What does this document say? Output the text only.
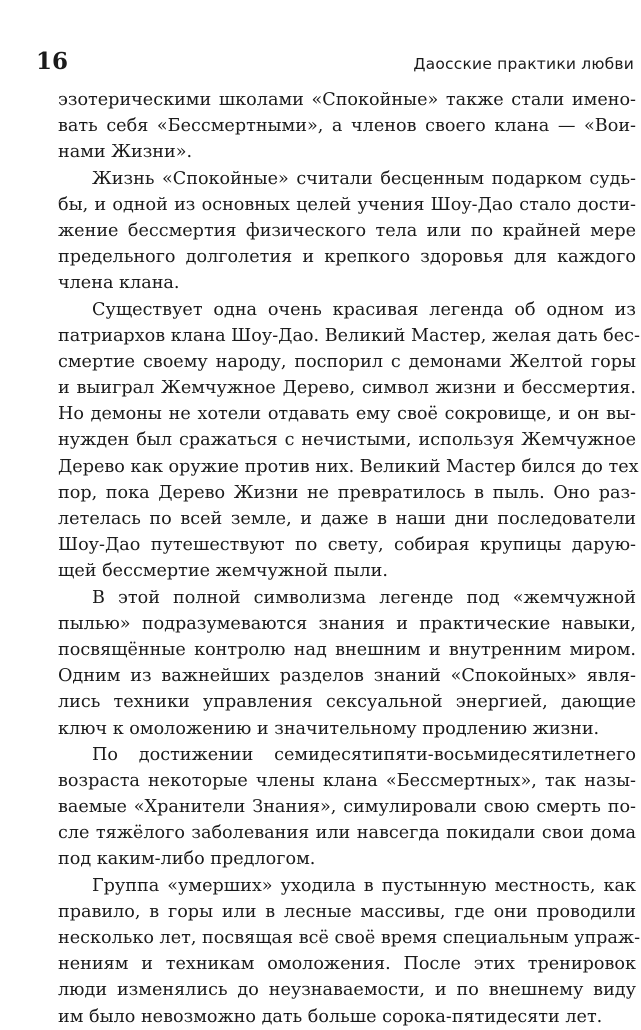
16	Даосские практики любви
эзотерическими школами «Спокойные» также стали имено-
вать себя «Бессмертными», а членов своего клана — «Вои-
нами Жизни».
Жизнь «Спокойные» считали бесценным подарком судь-
бы, и одной из основных целей учения Шоу-Дао стало дости-
жение бессмертия физического тела или по крайней мере
предельного долголетия и крепкого здоровья для каждого
члена клана.
Существует одна очень красивая легенда об одном из
патриархов клана Шоу-Дао. Великий Мастер, желая дать бес-
смертие своему народу, поспорил с демонами Желтой горы
и выиграл Жемчужное Дерево, символ жизни и бессмертия.
Но демоны не хотели отдавать ему своё сокровище, и он вы-
нужден был сражаться с нечистыми, используя Жемчужное
Дерево как оружие против них. Великий Мастер бился до тех
пор, пока Дерево Жизни не превратилось в пыль. Оно раз-
летелась по всей земле, и даже в наши дни последователи
Шоу-Дао путешествуют по свету, собирая крупицы дарую-
щей бессмертие жемчужной пыли.
В этой полной символизма легенде под «жемчужной
пылью» подразумеваются знания и практические навыки,
посвящённые контролю над внешним и внутренним миром.
Одним из важнейших разделов знаний «Спокойных» явля-
лись техники управления сексуальной энергией, дающие
ключ к омоложению и значительному продлению жизни.
По достижении семидесятипяти-восьмидесятилетнего
возраста некоторые члены клана «Бессмертных», так назы-
ваемые «Хранители Знания», симулировали свою смерть по-
сле тяжёлого заболевания или навсегда покидали свои дома
под каким-либо предлогом.
Группа «умерших» уходила в пустынную местность, как
правило, в горы или в лесные массивы, где они проводили
несколько лет, посвящая всё своё время специальным упраж-
нениям и техникам омоложения. После этих тренировок
люди изменялись до неузнаваемости, и по внешнему виду
им было невозможно дать больше сорока-пятидесяти лет.
